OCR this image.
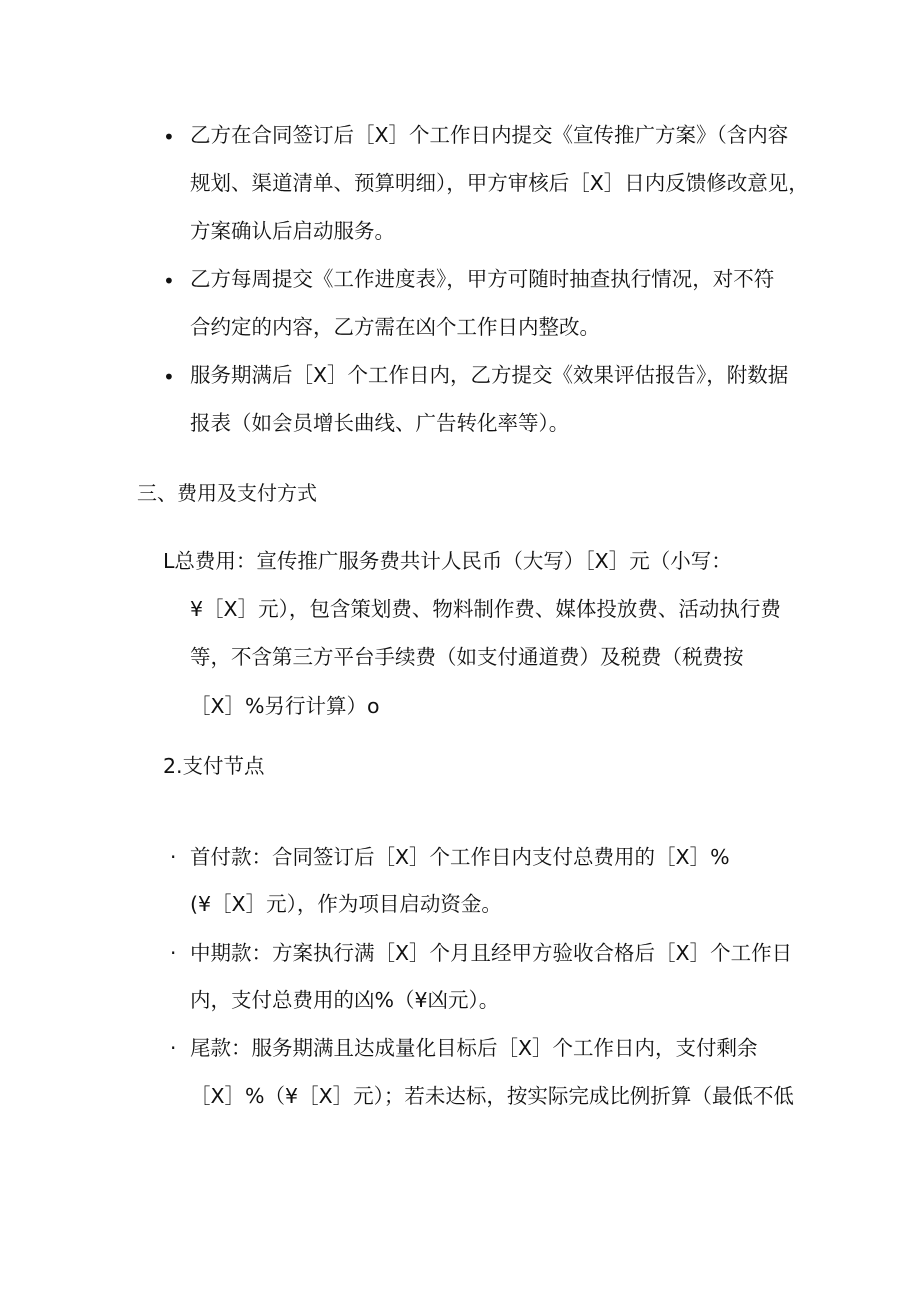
• 乙方在合同签订后［X］个工作日内提交《宣传推广方案》（含内容
规划、渠道清单、预算明细），甲方审核后［X］日内反馈修改意见，
方案确认后启动服务。
• 乙方每周提交《工作进度表》，甲方可随时抽查执行情况，对不符
合约定的内容，乙方需在凶个工作日内整改。
• 服务期满后［X］个工作日内，乙方提交《效果评估报告》，附数据
报表（如会员增长曲线、广告转化率等）。
三、费用及支付方式
L总费用：宣传推广服务费共计人民币（大写）［X］元（小写：
¥［X］元），包含策划费、物料制作费、媒体投放费、活动执行费
等，不含第三方平台手续费（如支付通道费）及税费（税费按
［X］%另行计算）o
2.支付节点
· 首付款：合同签订后［X］个工作日内支付总费用的［X］%
(¥［X］元），作为项目启动资金。
· 中期款：方案执行满［X］个月且经甲方验收合格后［X］个工作日
内，支付总费用的凶%（¥凶元）。
· 尾款：服务期满且达成量化目标后［X］个工作日内，支付剩余
［X］%（¥［X］元）；若未达标，按实际完成比例折算（最低不低
